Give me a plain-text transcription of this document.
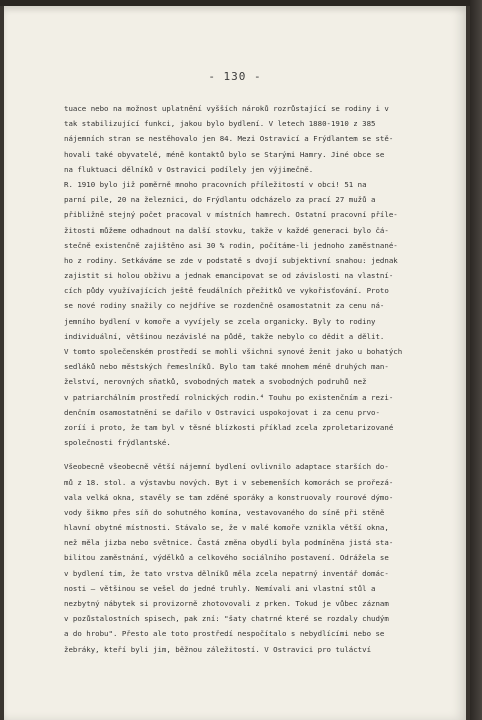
- 130 -
tuace nebo na možnost uplatnění vyšších nároků rozrůstající se rodiny i v
tak stabilizující funkci, jakou bylo bydlení. V letech 1880-1910 z 385
nájemních stran se nestěhovalo jen 84. Mezi Ostravicí a Frýdlantem se stě-
hovali také obyvatelé, méně kontaktů bylo se Starými Hamry. Jiné obce se
na fluktuaci dělníků v Ostravici podílely jen výjimečně.
R. 1910 bylo již poměrně mnoho pracovních příležitostí v obci! 51 na
parní pile, 20 na železnici, do Frýdlantu odcházelo za prací 27 mužů a
přibližně stejný počet pracoval v místních hamrech. Ostatní pracovní příle-
žitosti můžeme odhadnout na další stovku, takže v každé generaci bylo čá-
stečně existenčně zajištěno asi 30 % rodin, počítáme-li jednoho zaměstnané-
ho z rodiny. Setkáváme se zde v podstatě s dvojí subjektivní snahou: jednak
zajistit si holou obživu a jednak emancipovat se od závislosti na vlastní-
cích půdy využívajících ještě feudálních přežitků ve vykořisťování. Proto
se nové rodiny snažily co nejdříve se rozdenčně osamostatnit za cenu ná-
jemního bydlení v komoře a vyvíjely se zcela organicky. Byly to rodiny
individuální, většinou nezávislé na půdě, takže nebylo co dědit a dělit.
V tomto společenském prostředí se mohli všichni synové ženit jako u bohatých
sedláků nebo městských řemeslníků. Bylo tam také mnohem méně druhých man-
želství, nerovných sňatků, svobodných matek a svobodných podruhů než
v patriarchálním prostředí rolnických rodin.⁴ Touhu po existenčním a rezi-
denčním osamostatnění se dařilo v Ostravici uspokojovat i za cenu prvo-
zoríí i proto, že tam byl v těsné blízkosti příklad zcela zproletarizované
společnosti frýdlantské.
Všeobecně všeobecně větší nájemní bydlení ovlivnilo adaptace starších do-
mů z 18. stol. a výstavbu nových. Byt i v sebemenších komorách se prořezá-
vala velká okna, stavěly se tam zděné sporáky a konstruovaly rourové dýmo-
vody šikmo přes síň do sohutného komína, vestavovaného do síně při stěně
hlavní obytné místnosti. Stávalo se, že v malé komoře vznikla větší okna,
než měla jizba nebo světnice. Častá změna obydlí byla podmíněna jistá sta-
bilitou zaměstnání, výdělků a celkového sociálního postavení. Odrážela se
v bydlení tím, že tato vrstva dělníků měla zcela nepatrný inventář domác-
nosti — většinou se vešel do jedné truhly. Nemívali ani vlastní stůl a
nezbytný nábytek si provizorně zhotovovali z prken. Tokud je vůbec záznam
v pozůstalostních spisech, pak zní: "šaty chatrné které se rozdaly chudým
a do hrobu". Přesto ale toto prostředí nespočítalo s nebydlícími nebo se
žebráky, kteří byli jim, běžnou záležitostí. V Ostravici pro tuláctví
